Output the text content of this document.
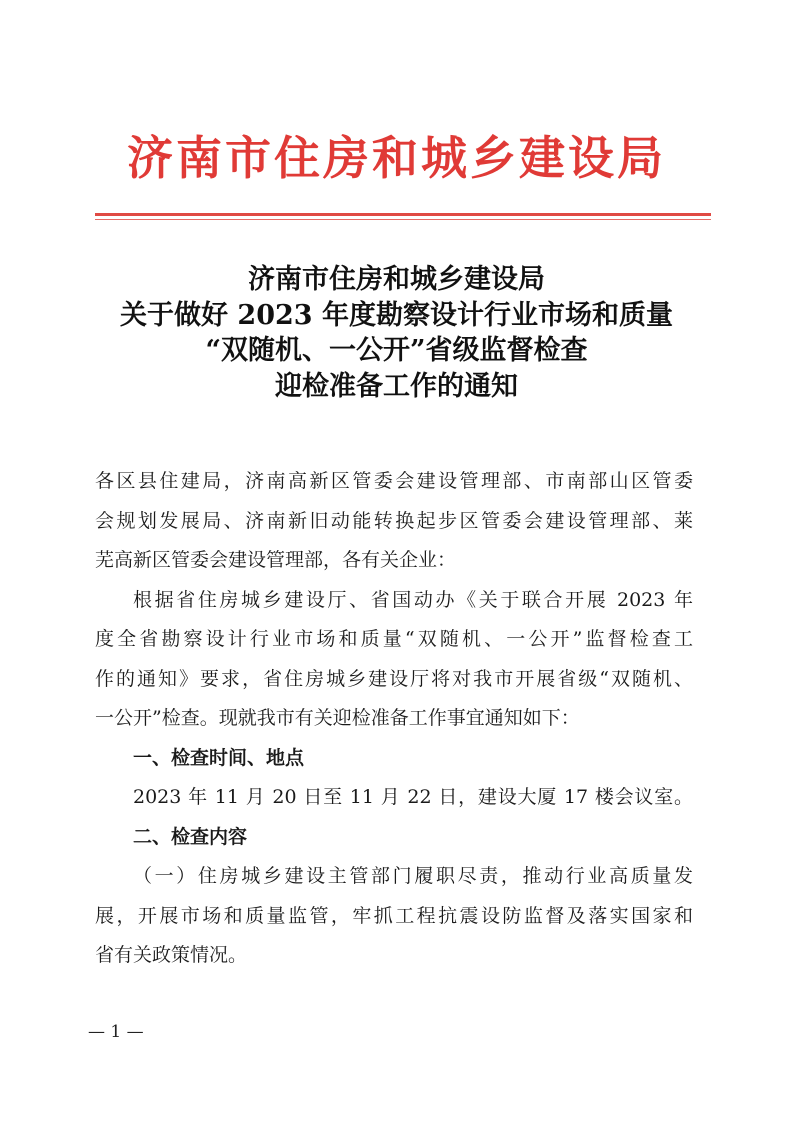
济南市住房和城乡建设局
济南市住房和城乡建设局
关于做好 2023 年度勘察设计行业市场和质量
“双随机、一公开”省级监督检查
迎检准备工作的通知
各区县住建局，济南高新区管委会建设管理部、市南部山区管委
会规划发展局、济南新旧动能转换起步区管委会建设管理部、莱
芜高新区管委会建设管理部，各有关企业：
根据省住房城乡建设厅、省国动办《关于联合开展 2023 年
度全省勘察设计行业市场和质量“双随机、一公开”监督检查工
作的通知》要求，省住房城乡建设厅将对我市开展省级“双随机、
一公开”检查。现就我市有关迎检准备工作事宜通知如下：
一、检查时间、地点
2023 年 11 月 20 日至 11 月 22 日，建设大厦 17 楼会议室。
二、检查内容
（一）住房城乡建设主管部门履职尽责，推动行业高质量发
展，开展市场和质量监管，牢抓工程抗震设防监督及落实国家和
省有关政策情况。
— 1 —
